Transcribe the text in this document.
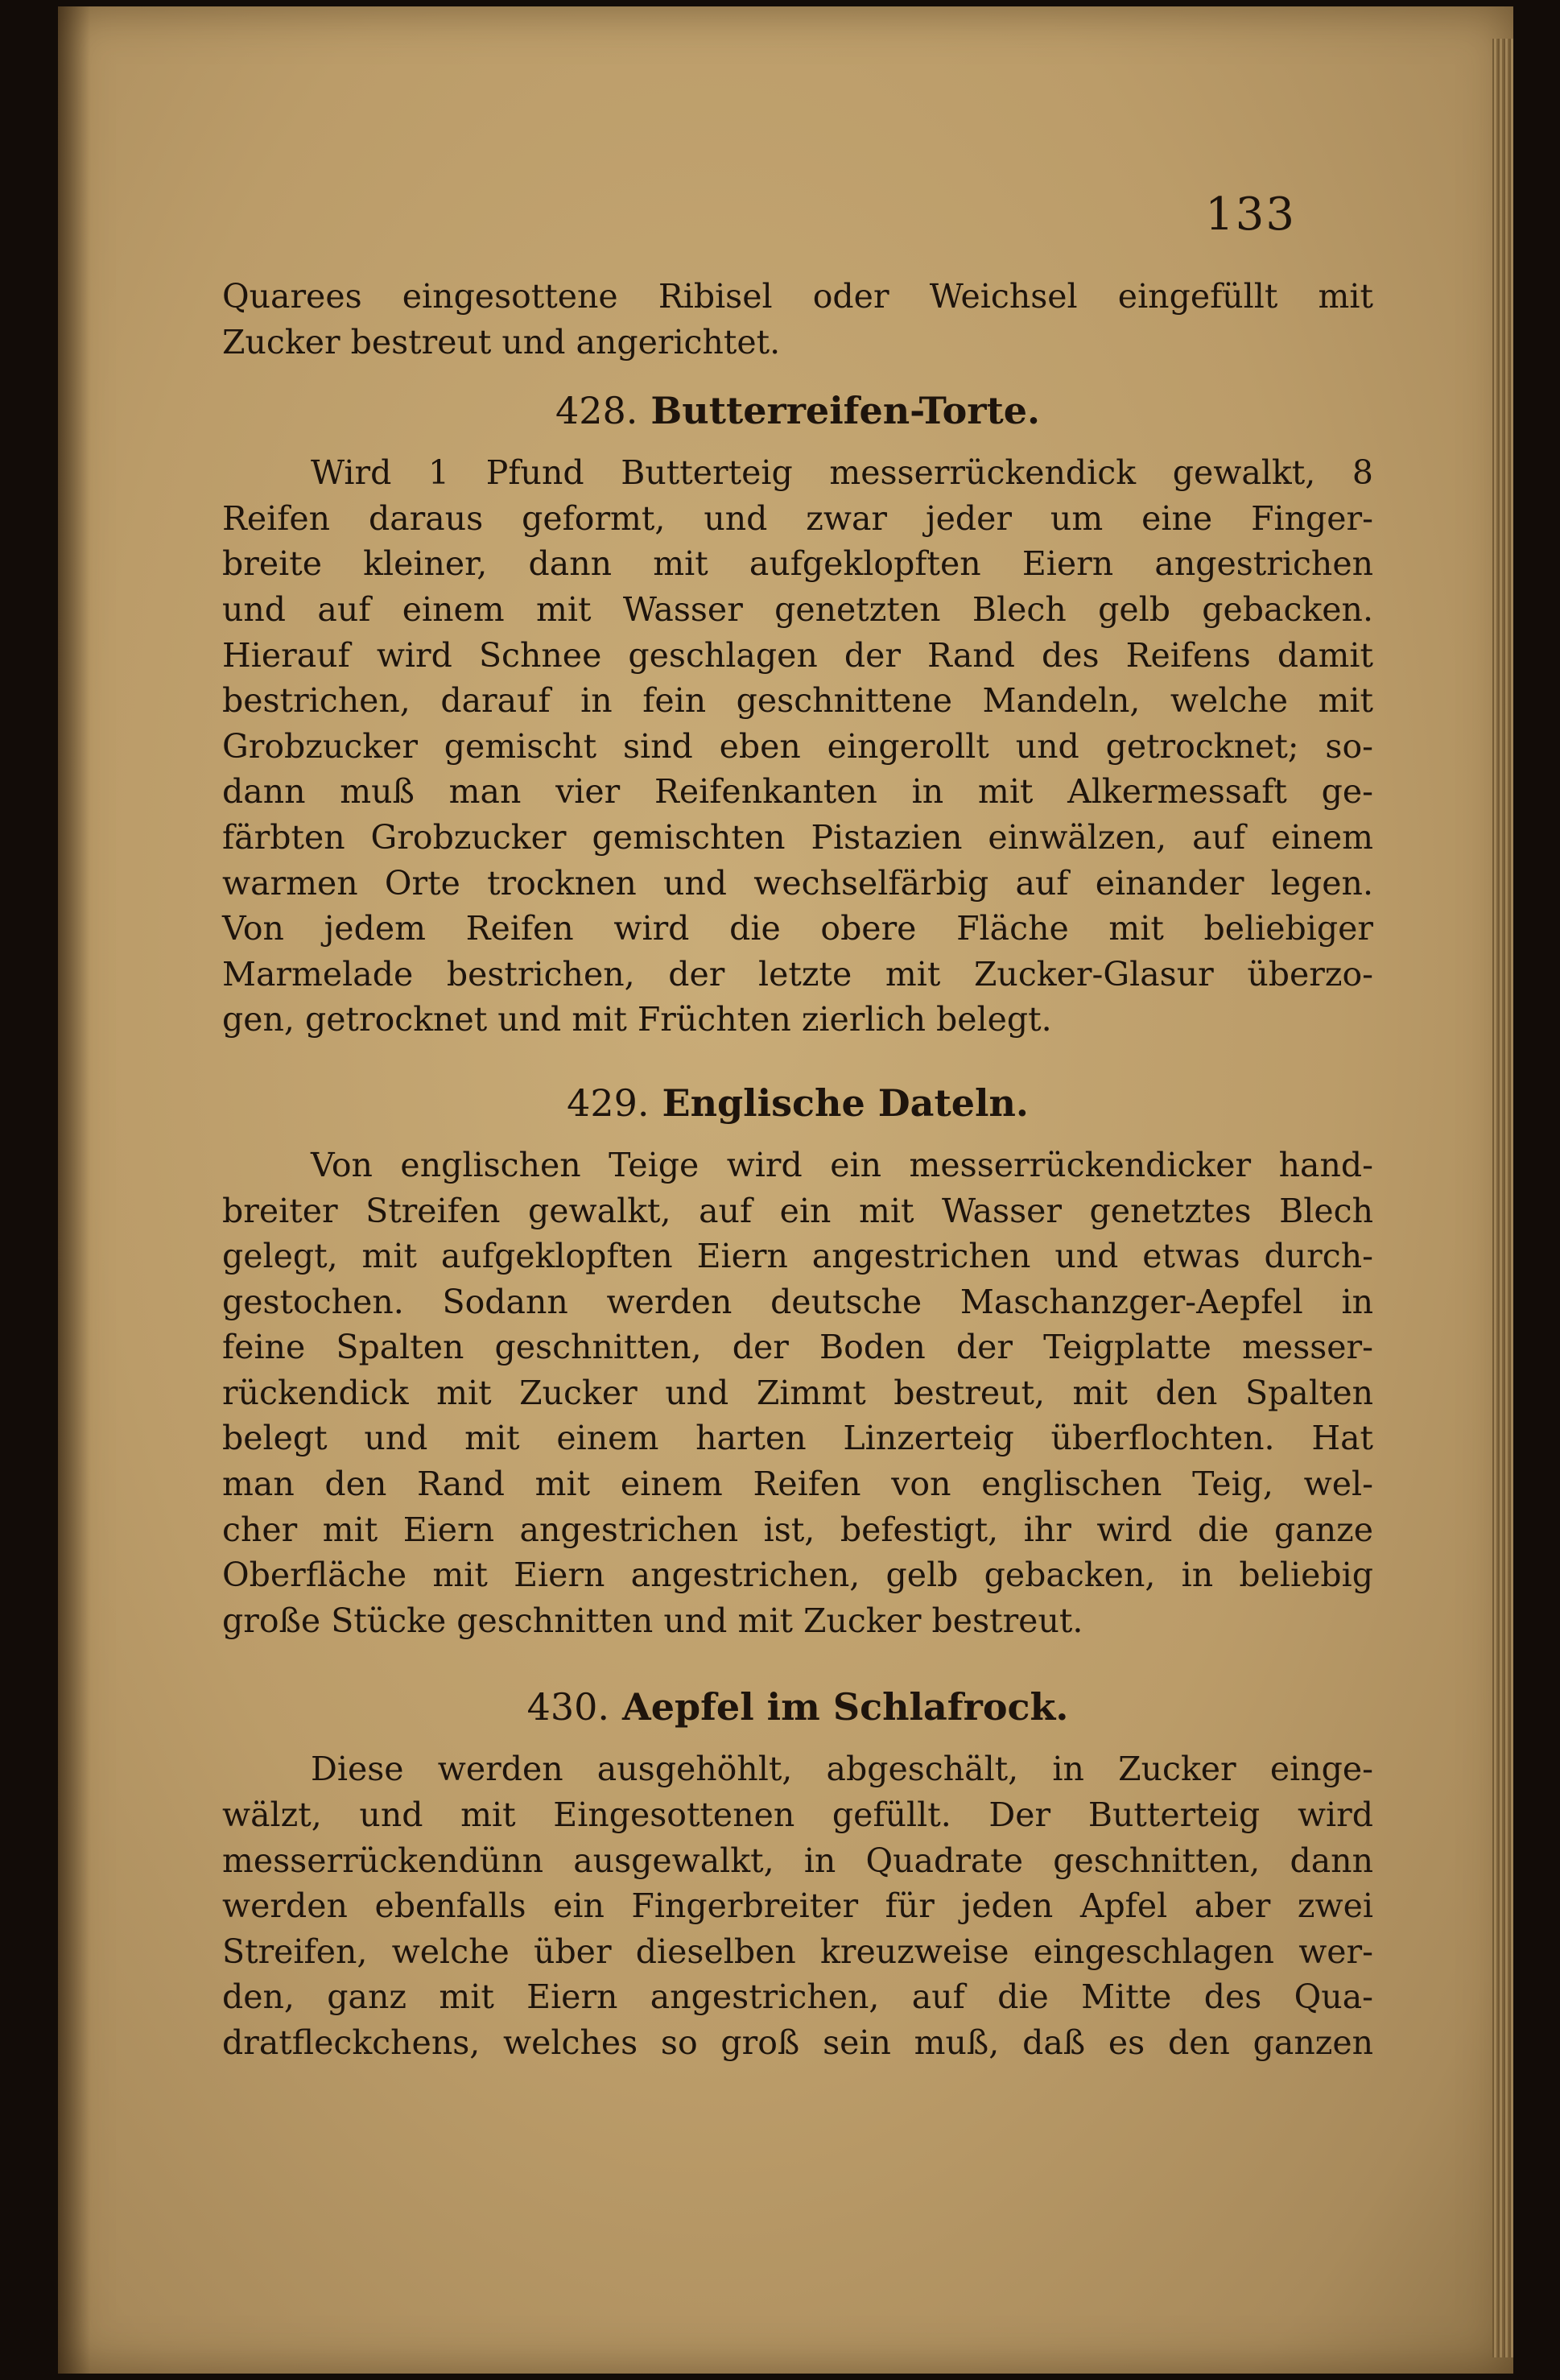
133

Quarees eingesottene Ribisel oder Weichsel eingefüllt mit

Zucker bestreut und angerichtet.

428. Butterreifen-Torte.

Wird 1 Pfund Butterteig messerrückendick gewalkt, 8

Reifen daraus geformt, und zwar jeder um eine Finger-

breite kleiner, dann mit aufgeklopften Eiern angestrichen

und auf einem mit Wasser genetzten Blech gelb gebacken.

Hierauf wird Schnee geschlagen der Rand des Reifens damit

bestrichen, darauf in fein geschnittene Mandeln, welche mit

Grobzucker gemischt sind eben eingerollt und getrocknet; so-

dann muß man vier Reifenkanten in mit Alkermessaft ge-

färbten Grobzucker gemischten Pistazien einwälzen, auf einem

warmen Orte trocknen und wechselfärbig auf einander legen.

Von jedem Reifen wird die obere Fläche mit beliebiger

Marmelade bestrichen, der letzte mit Zucker-Glasur überzo-

gen, getrocknet und mit Früchten zierlich belegt.

429. Englische Dateln.

Von englischen Teige wird ein messerrückendicker hand-

breiter Streifen gewalkt, auf ein mit Wasser genetztes Blech

gelegt, mit aufgeklopften Eiern angestrichen und etwas durch-

gestochen. Sodann werden deutsche Maschanzger-Aepfel in

feine Spalten geschnitten, der Boden der Teigplatte messer-

rückendick mit Zucker und Zimmt bestreut, mit den Spalten

belegt und mit einem harten Linzerteig überflochten. Hat

man den Rand mit einem Reifen von englischen Teig, wel-

cher mit Eiern angestrichen ist, befestigt, ihr wird die ganze

Oberfläche mit Eiern angestrichen, gelb gebacken, in beliebig

große Stücke geschnitten und mit Zucker bestreut.

430. Aepfel im Schlafrock.

Diese werden ausgehöhlt, abgeschält, in Zucker einge-

wälzt, und mit Eingesottenen gefüllt. Der Butterteig wird

messerrückendünn ausgewalkt, in Quadrate geschnitten, dann

werden ebenfalls ein Fingerbreiter für jeden Apfel aber zwei

Streifen, welche über dieselben kreuzweise eingeschlagen wer-

den, ganz mit Eiern angestrichen, auf die Mitte des Qua-

dratfleckchens, welches so groß sein muß, daß es den ganzen
